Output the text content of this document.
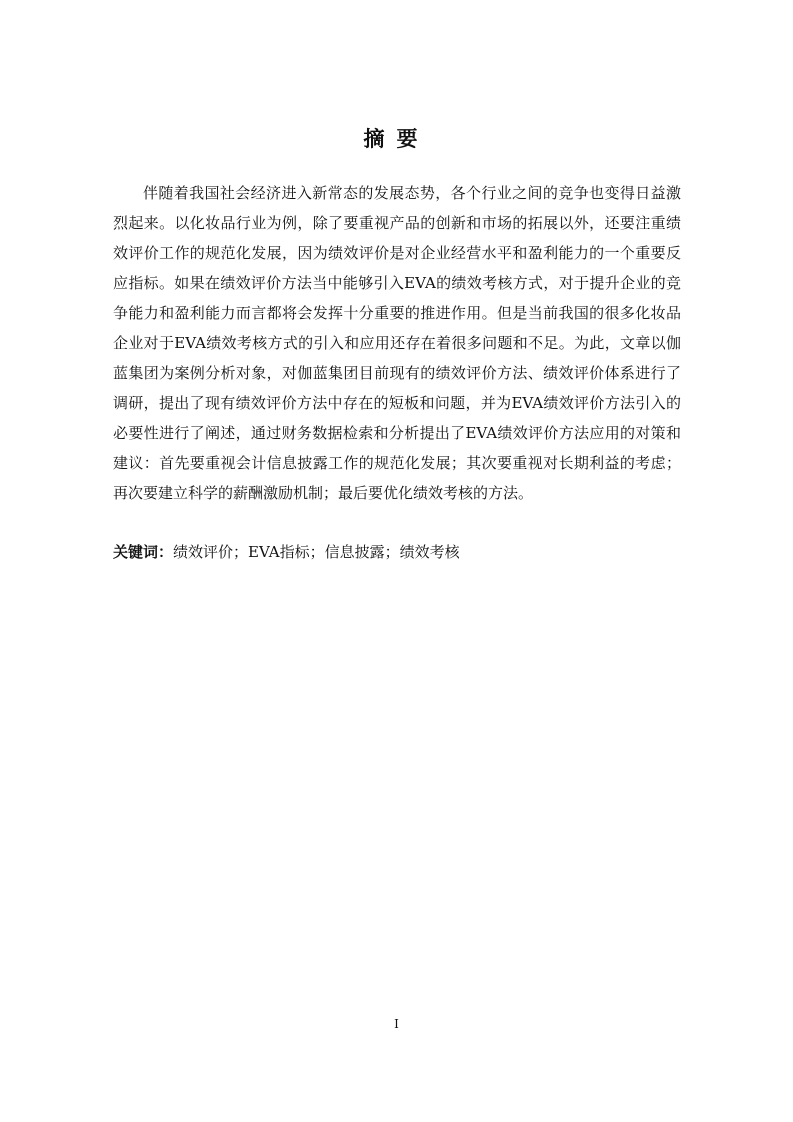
摘要

伴随着我国社会经济进入新常态的发展态势，各个行业之间的竞争也变得日益激烈起来。以化妆品行业为例，除了要重视产品的创新和市场的拓展以外，还要注重绩效评价工作的规范化发展，因为绩效评价是对企业经营水平和盈利能力的一个重要反应指标。如果在绩效评价方法当中能够引入EVA的绩效考核方式，对于提升企业的竞争能力和盈利能力而言都将会发挥十分重要的推进作用。但是当前我国的很多化妆品企业对于EVA绩效考核方式的引入和应用还存在着很多问题和不足。为此，文章以伽蓝集团为案例分析对象，对伽蓝集团目前现有的绩效评价方法、绩效评价体系进行了调研，提出了现有绩效评价方法中存在的短板和问题，并为EVA绩效评价方法引入的必要性进行了阐述，通过财务数据检索和分析提出了EVA绩效评价方法应用的对策和建议：首先要重视会计信息披露工作的规范化发展；其次要重视对长期利益的考虑；再次要建立科学的薪酬激励机制；最后要优化绩效考核的方法。

关键词：绩效评价；EVA指标；信息披露；绩效考核

I
